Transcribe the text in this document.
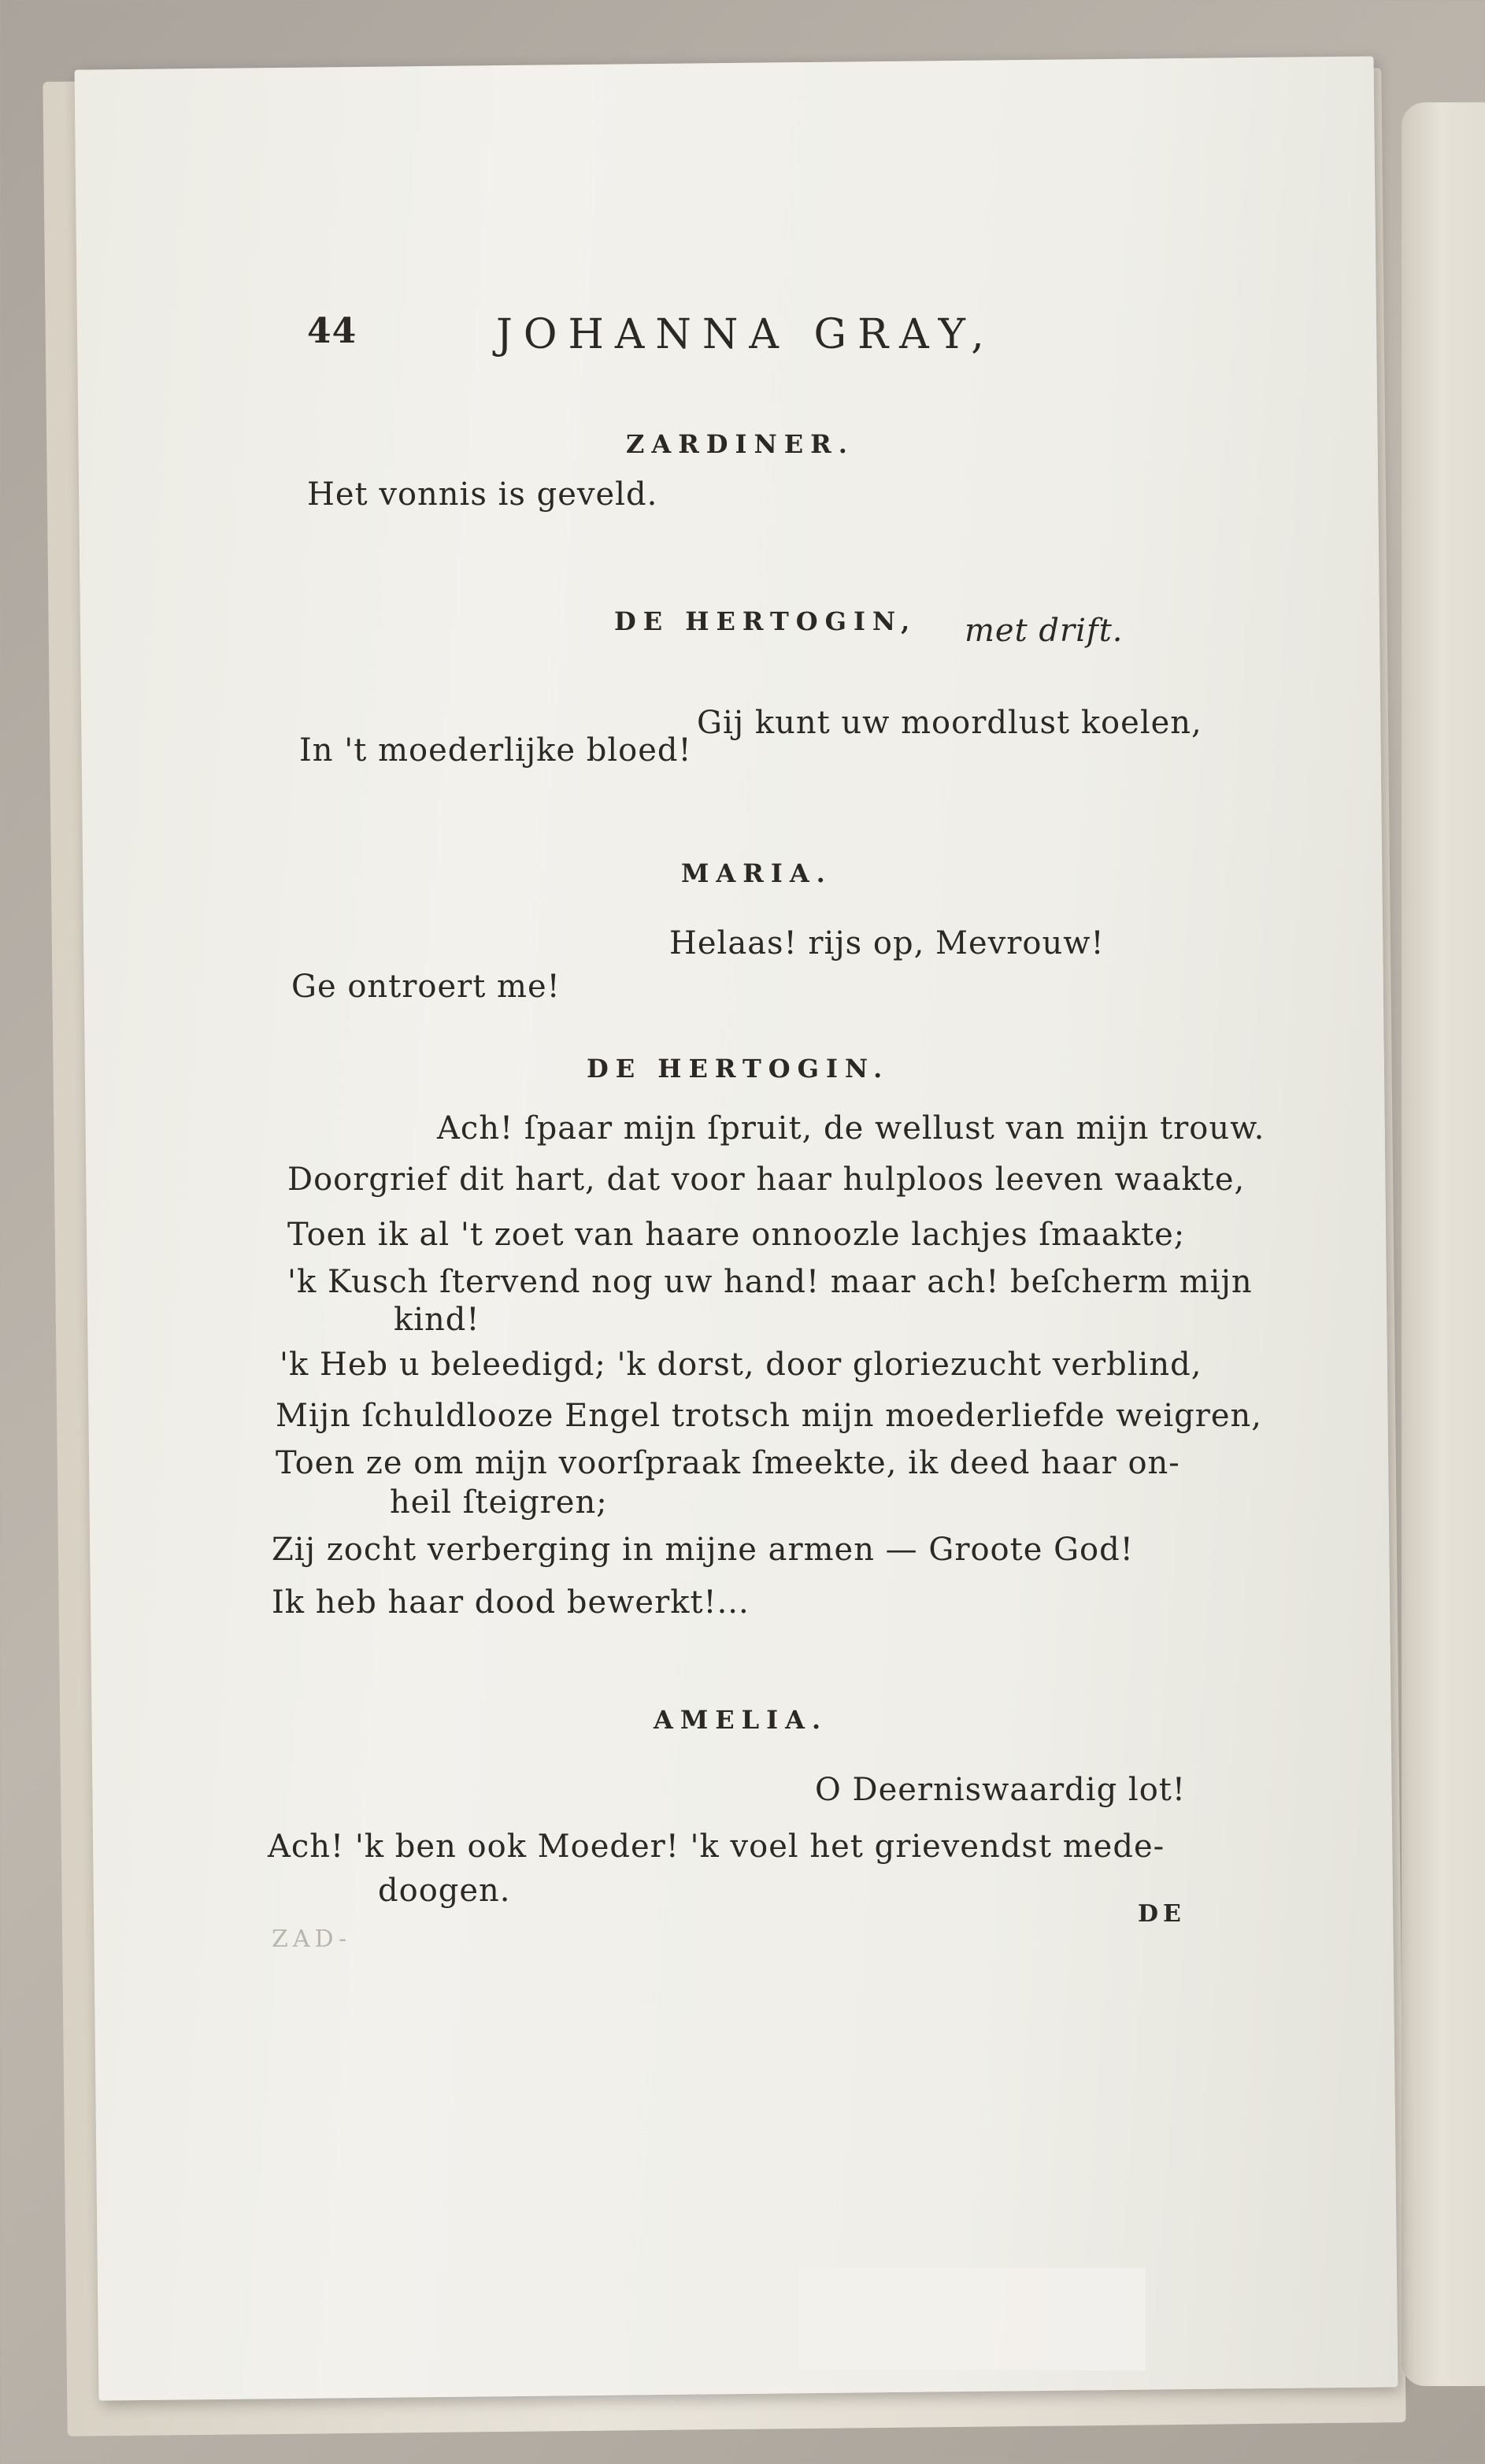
44	JOHANNA GRAY,
ZARDINER.
Het vonnis is geveld.
DE HERTOGIN, met drift.
Gij kunt uw moordlust koelen,
In 't moederlijke bloed!
MARIA.
Helaas! rijs op, Mevrouw!
Ge ontroert me!
DE HERTOGIN.
Ach! ſpaar mijn ſpruit, de wellust van mijn trouw.
Doorgrief dit hart, dat voor haar hulploos leeven waakte,
Toen ik al 't zoet van haare onnoozle lachjes ſmaakte;
'k Kusch ſtervend nog uw hand! maar ach! beſcherm mijn
kind!
'k Heb u beleedigd; 'k dorst, door gloriezucht verblind,
Mijn ſchuldlooze Engel trotsch mijn moederliefde weigren,
Toen ze om mijn voorſpraak ſmeekte, ik deed haar on-
heil ſteigren;
Zij zocht verberging in mijne armen — Groote God!
Ik heb haar dood bewerkt!...
AMELIA.
O Deerniswaardig lot!
Ach! 'k ben ook Moeder! 'k voel het grievendst mede-
doogen.
DE
ZAD-
